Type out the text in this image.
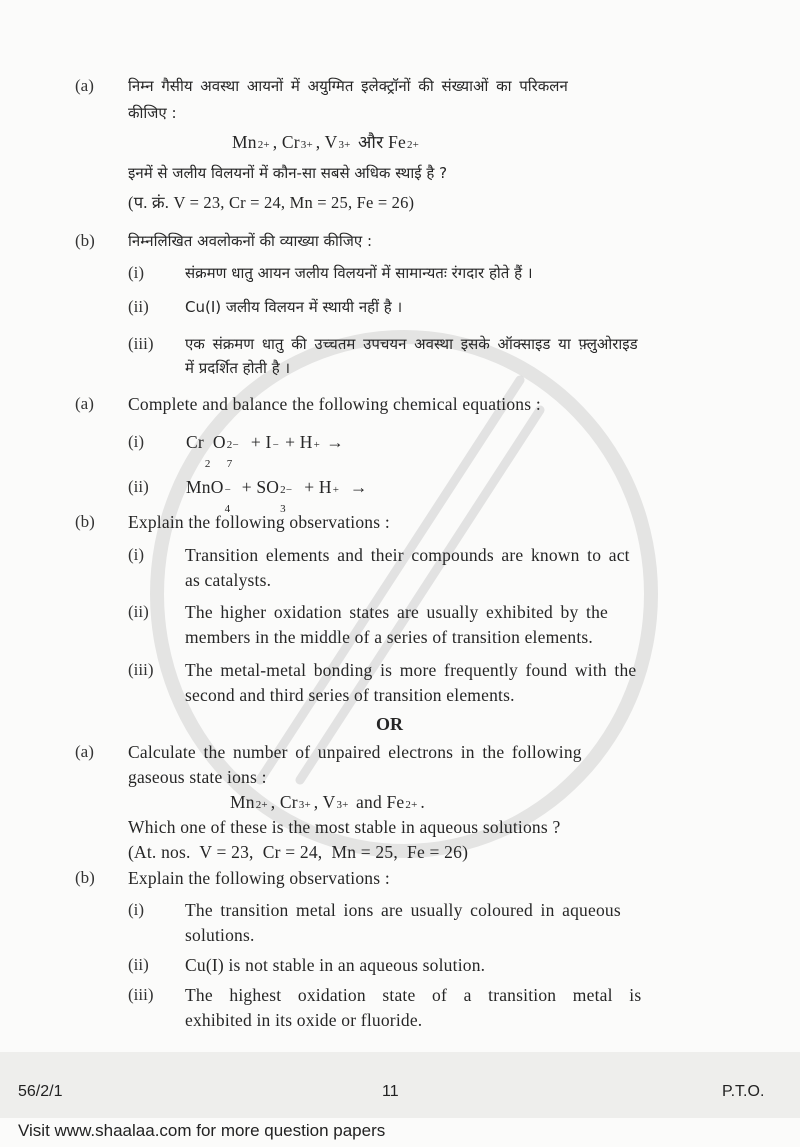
(a) निम्न गैसीय अवस्था आयनों में अयुग्मित इलेक्ट्रॉनों की संख्याओं का परिकलन
कीजिए :
Mn 2+ , Cr 3+ , V 3+ और Fe 2+
इनमें से जलीय विलयनों में कौन-सा सबसे अधिक स्थाई है ?
(प. क्रं. V = 23, Cr = 24, Mn = 25, Fe = 26)
(b) निम्नलिखित अवलोकनों की व्याख्या कीजिए :
(i)	संक्रमण धातु आयन जलीय विलयनों में सामान्यतः रंगदार होते हैं ।
(ii) Cu(I) जलीय विलयन में स्थायी नहीं है ।
(iii) एक संक्रमण धातु की उच्चतम उपचयन अवस्था इसके ऑक्साइड या फ़्लुओराइड
में प्रदर्शित होती है ।
(a) Complete and balance the following chemical equations :
(i) Cr
2
O 2−
7
+ I − + H + →
(ii) MnO −
4
+ SO 2−
3
+ H + →
(b) Explain the following observations :
(i) Transition elements and their compounds are known to act
as catalysts.
(ii) The higher oxidation states are usually exhibited by the
members in the middle of a series of transition elements.
(iii) The metal-metal bonding is more frequently found with the
second and third series of transition elements.
OR
(a) Calculate the number of unpaired electrons in the following
gaseous state ions :
Mn 2+ , Cr 3+ , V 3+ and Fe 2+ .
Which one of these is the most stable in aqueous solutions ?
(At. nos.  V = 23,  Cr = 24,  Mn = 25,  Fe = 26)
(b) Explain the following observations :
(i) The transition metal ions are usually coloured in aqueous
solutions.
(ii) Cu(I) is not stable in an aqueous solution.
(iii) The highest oxidation state of a transition metal is
exhibited in its oxide or fluoride.
56/2/1	11	P.T.O.
Visit www.shaalaa.com for more question papers
